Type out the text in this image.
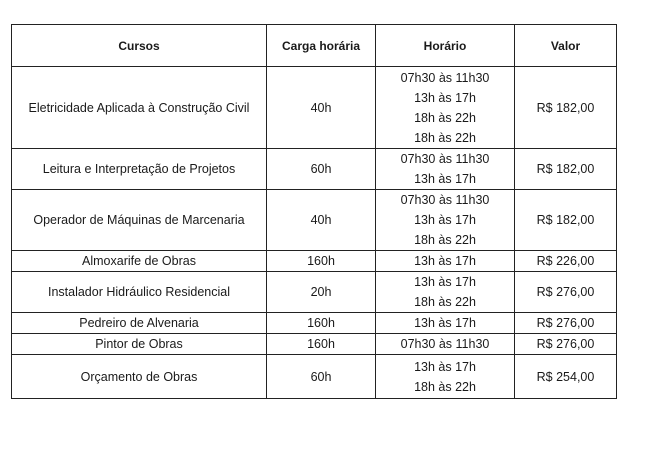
Cursos	Carga horária	Horário	Valor
Eletricidade Aplicada à Construção Civil	40h	07h30 às 11h30
13h às 17h
18h às 22h
18h às 22h	R$ 182,00
Leitura e Interpretação de Projetos	60h	07h30 às 11h30
13h às 17h	R$ 182,00
Operador de Máquinas de Marcenaria	40h	07h30 às 11h30
13h às 17h
18h às 22h	R$ 182,00
Almoxarife de Obras	160h	13h às 17h	R$ 226,00
Instalador Hidráulico Residencial	20h	13h às 17h
18h às 22h	R$ 276,00
Pedreiro de Alvenaria	160h	13h às 17h	R$ 276,00
Pintor de Obras	160h	07h30 às 11h30	R$ 276,00
Orçamento de Obras	60h	13h às 17h
18h às 22h	R$ 254,00
